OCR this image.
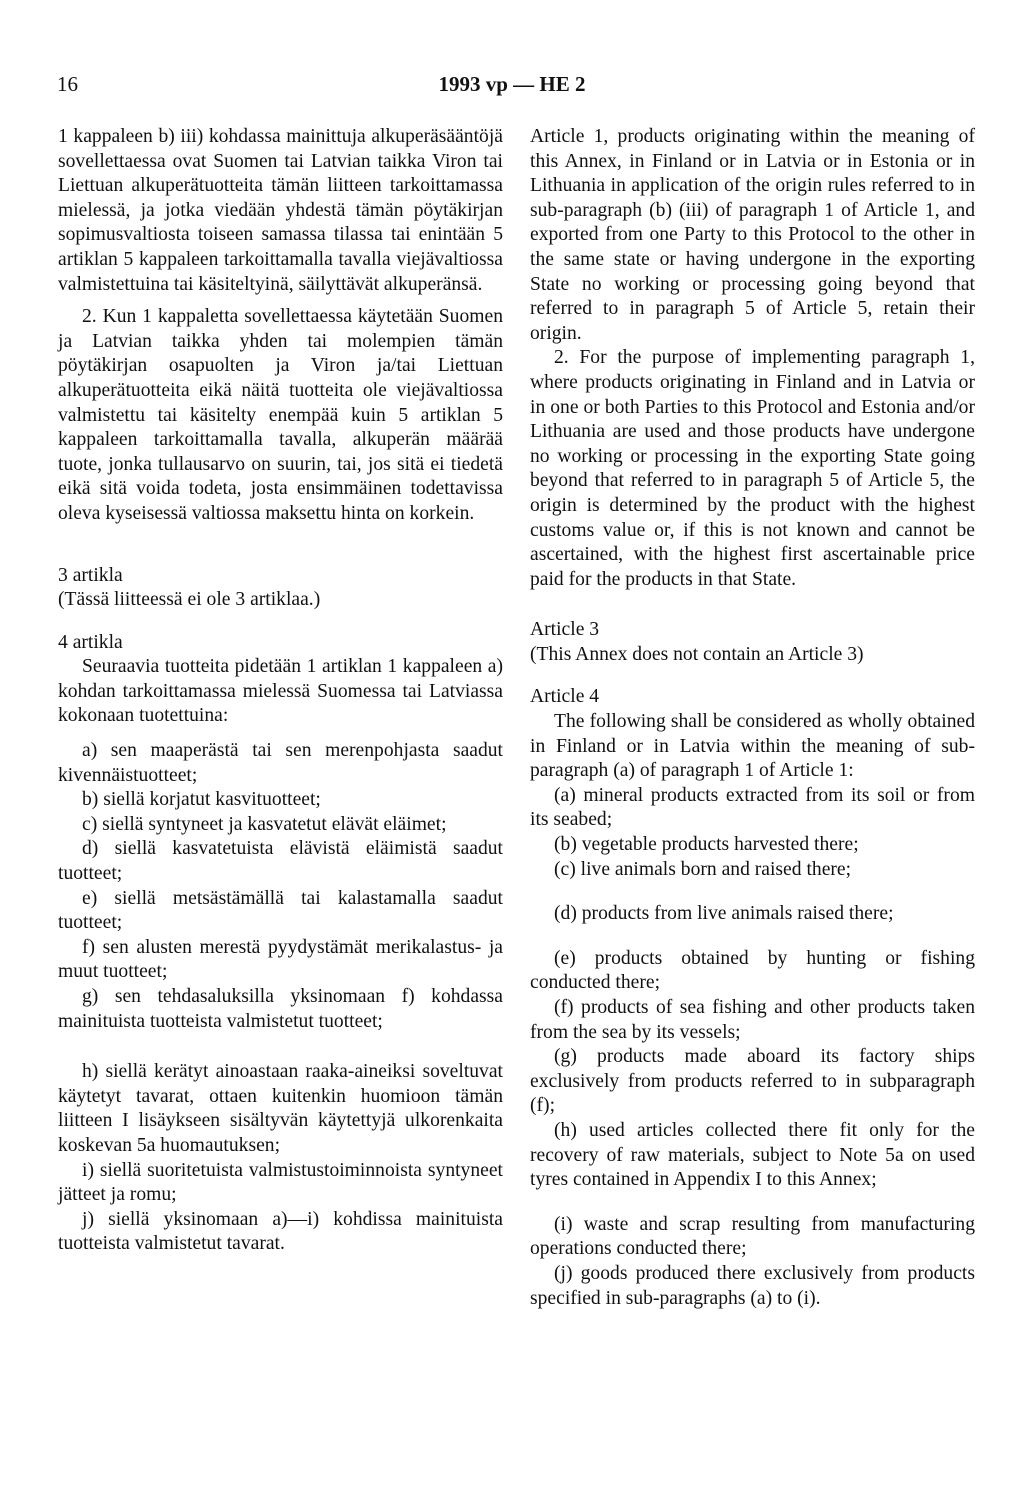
16	1993 vp — HE 2

1 kappaleen b) iii) kohdassa mainittuja alkuperäsääntöjä sovellettaessa ovat Suomen tai Latvian taikka Viron tai Liettuan alkuperätuotteita tämän liitteen tarkoittamassa mielessä, ja jotka viedään yhdestä tämän pöytäkirjan sopimusvaltiosta toiseen samassa tilassa tai enintään 5 artiklan 5 kappaleen tarkoittamalla tavalla viejävaltiossa valmistettuina tai käsiteltyinä, säilyttävät alkuperänsä.

2. Kun 1 kappaletta sovellettaessa käytetään Suomen ja Latvian taikka yhden tai molempien tämän pöytäkirjan osapuolten ja Viron ja/tai Liettuan alkuperätuotteita eikä näitä tuotteita ole viejävaltiossa valmistettu tai käsitelty enempää kuin 5 artiklan 5 kappaleen tarkoittamalla tavalla, alkuperän määrää tuote, jonka tullausarvo on suurin, tai, jos sitä ei tiedetä eikä sitä voida todeta, josta ensimmäinen todettavissa oleva kyseisessä valtiossa maksettu hinta on korkein.

3 artikla

(Tässä liitteessä ei ole 3 artiklaa.)

4 artikla

Seuraavia tuotteita pidetään 1 artiklan 1 kappaleen a) kohdan tarkoittamassa mielessä Suomessa tai Latviassa kokonaan tuotettuina:

a) sen maaperästä tai sen merenpohjasta saadut kivennäistuotteet;

b) siellä korjatut kasvituotteet;

c) siellä syntyneet ja kasvatetut elävät eläimet;

d) siellä kasvatetuista elävistä eläimistä saadut tuotteet;

e) siellä metsästämällä tai kalastamalla saadut tuotteet;

f) sen alusten merestä pyydystämät merikalastus- ja muut tuotteet;

g) sen tehdasaluksilla yksinomaan f) kohdassa mainituista tuotteista valmistetut tuotteet;

h) siellä kerätyt ainoastaan raaka-aineiksi soveltuvat käytetyt tavarat, ottaen kuitenkin huomioon tämän liitteen I lisäykseen sisältyvän käytettyjä ulkorenkaita koskevan 5a huomautuksen;

i) siellä suoritetuista valmistustoiminnoista syntyneet jätteet ja romu;

j) siellä yksinomaan a)—i) kohdissa mainituista tuotteista valmistetut tavarat.

Article 1, products originating within the meaning of this Annex, in Finland or in Latvia or in Estonia or in Lithuania in application of the origin rules referred to in sub-paragraph (b) (iii) of paragraph 1 of Article 1, and exported from one Party to this Protocol to the other in the same state or having undergone in the exporting State no working or processing going beyond that referred to in paragraph 5 of Article 5, retain their origin.

2. For the purpose of implementing paragraph 1, where products originating in Finland and in Latvia or in one or both Parties to this Protocol and Estonia and/or Lithuania are used and those products have undergone no working or processing in the exporting State going beyond that referred to in paragraph 5 of Article 5, the origin is determined by the product with the highest customs value or, if this is not known and cannot be ascertained, with the highest first ascertainable price paid for the products in that State.

Article 3

(This Annex does not contain an Article 3)

Article 4

The following shall be considered as wholly obtained in Finland or in Latvia within the meaning of sub-paragraph (a) of paragraph 1 of Article 1:

(a) mineral products extracted from its soil or from its seabed;

(b) vegetable products harvested there;

(c) live animals born and raised there;

(d) products from live animals raised there;

(e) products obtained by hunting or fishing conducted there;

(f) products of sea fishing and other products taken from the sea by its vessels;

(g) products made aboard its factory ships exclusively from products referred to in subparagraph (f);

(h) used articles collected there fit only for the recovery of raw materials, subject to Note 5a on used tyres contained in Appendix I to this Annex;

(i) waste and scrap resulting from manufacturing operations conducted there;

(j) goods produced there exclusively from products specified in sub-paragraphs (a) to (i).
